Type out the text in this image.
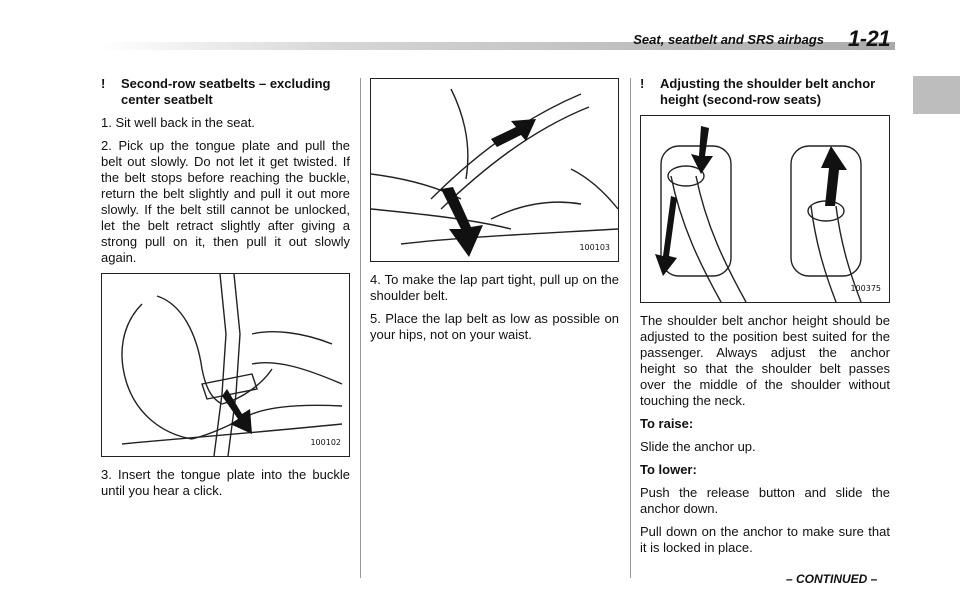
Seat, seatbelt and SRS airbags 1-21
! Second-row seatbelts – excluding center seatbelt

1. Sit well back in the seat.

2. Pick up the tongue plate and pull the belt out slowly. Do not let it get twisted. If the belt stops before reaching the buckle, return the belt slightly and pull it out more slowly. If the belt still cannot be unlocked, let the belt retract slightly after giving a strong pull on it, then pull it out slowly again.

100102

3. Insert the tongue plate into the buckle until you hear a click.

100103

4. To make the lap part tight, pull up on the shoulder belt.

5. Place the lap belt as low as possible on your hips, not on your waist.

! Adjusting the shoulder belt anchor height (second-row seats)
100375

The shoulder belt anchor height should be adjusted to the position best suited for the passenger. Always adjust the anchor height so that the shoulder belt passes over the middle of the shoulder without touching the neck.

To raise:

Slide the anchor up.

To lower:

Push the release button and slide the anchor down.

Pull down on the anchor to make sure that it is locked in place.

– CONTINUED –
